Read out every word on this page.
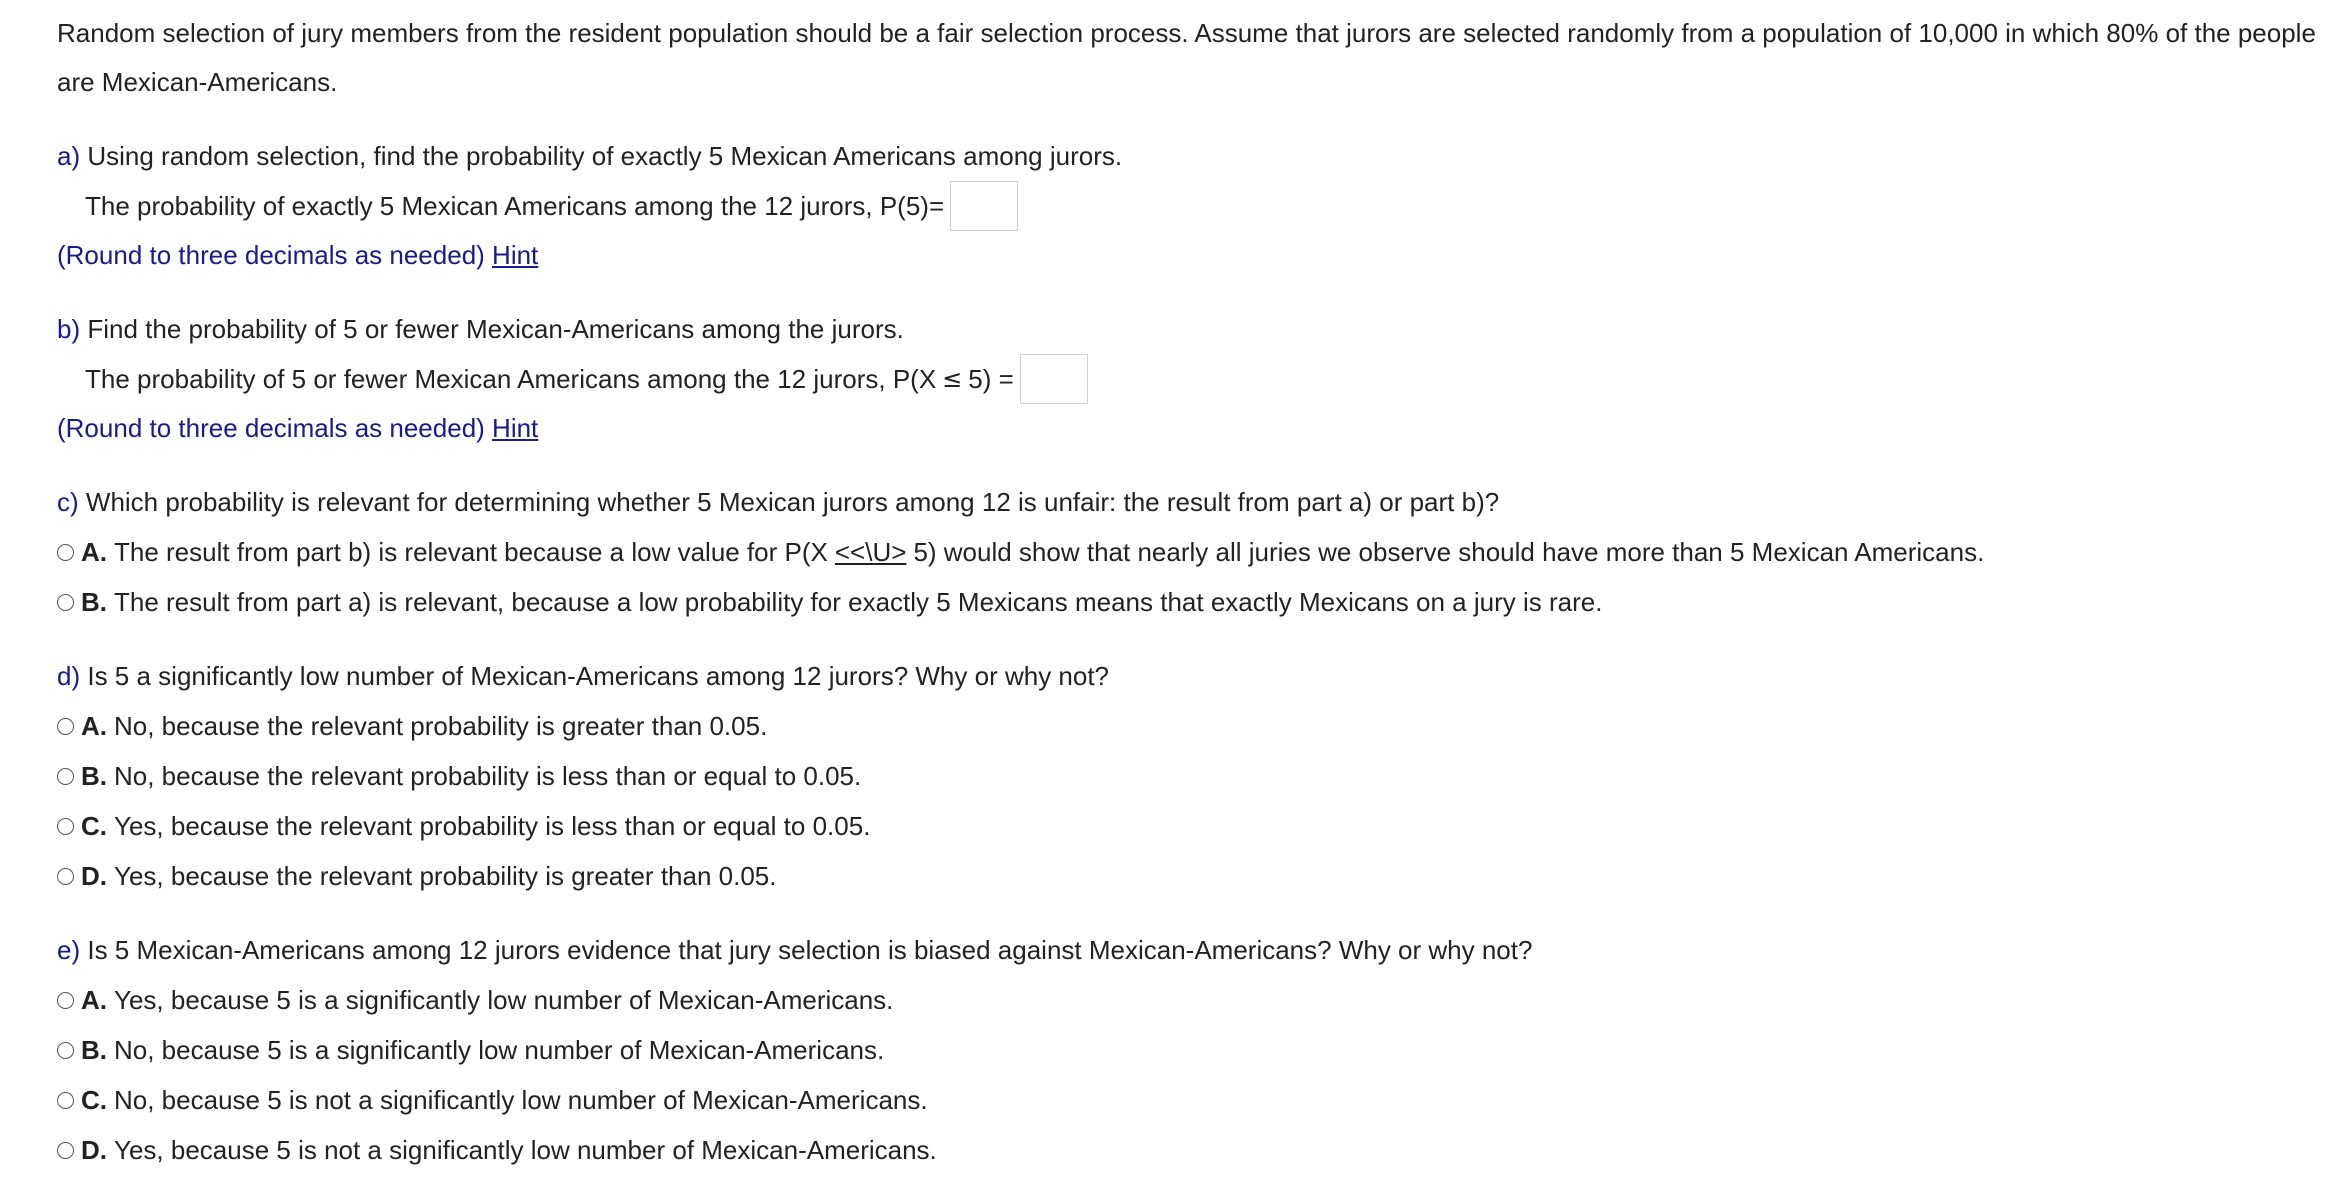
Random selection of jury members from the resident population should be a fair selection process. Assume that jurors are selected randomly from a population of 10,000 in which 80% of the people are Mexican-Americans.
a) Using random selection, find the probability of exactly 5 Mexican Americans among jurors.
The probability of exactly 5 Mexican Americans among the 12 jurors, P(5)=
(Round to three decimals as needed) Hint
b) Find the probability of 5 or fewer Mexican-Americans among the jurors.
The probability of 5 or fewer Mexican Americans among the 12 jurors, P(X ≤ 5) =
(Round to three decimals as needed) Hint
c) Which probability is relevant for determining whether 5 Mexican jurors among 12 is unfair: the result from part a) or part b)?
A. The result from part b) is relevant because a low value for P(X <<\U> 5) would show that nearly all juries we observe should have more than 5 Mexican Americans.
B. The result from part a) is relevant, because a low probability for exactly 5 Mexicans means that exactly Mexicans on a jury is rare.
d) Is 5 a significantly low number of Mexican-Americans among 12 jurors? Why or why not?
A. No, because the relevant probability is greater than 0.05.
B. No, because the relevant probability is less than or equal to 0.05.
C. Yes, because the relevant probability is less than or equal to 0.05.
D. Yes, because the relevant probability is greater than 0.05.
e) Is 5 Mexican-Americans among 12 jurors evidence that jury selection is biased against Mexican-Americans? Why or why not?
A. Yes, because 5 is a significantly low number of Mexican-Americans.
B. No, because 5 is a significantly low number of Mexican-Americans.
C. No, because 5 is not a significantly low number of Mexican-Americans.
D. Yes, because 5 is not a significantly low number of Mexican-Americans.
